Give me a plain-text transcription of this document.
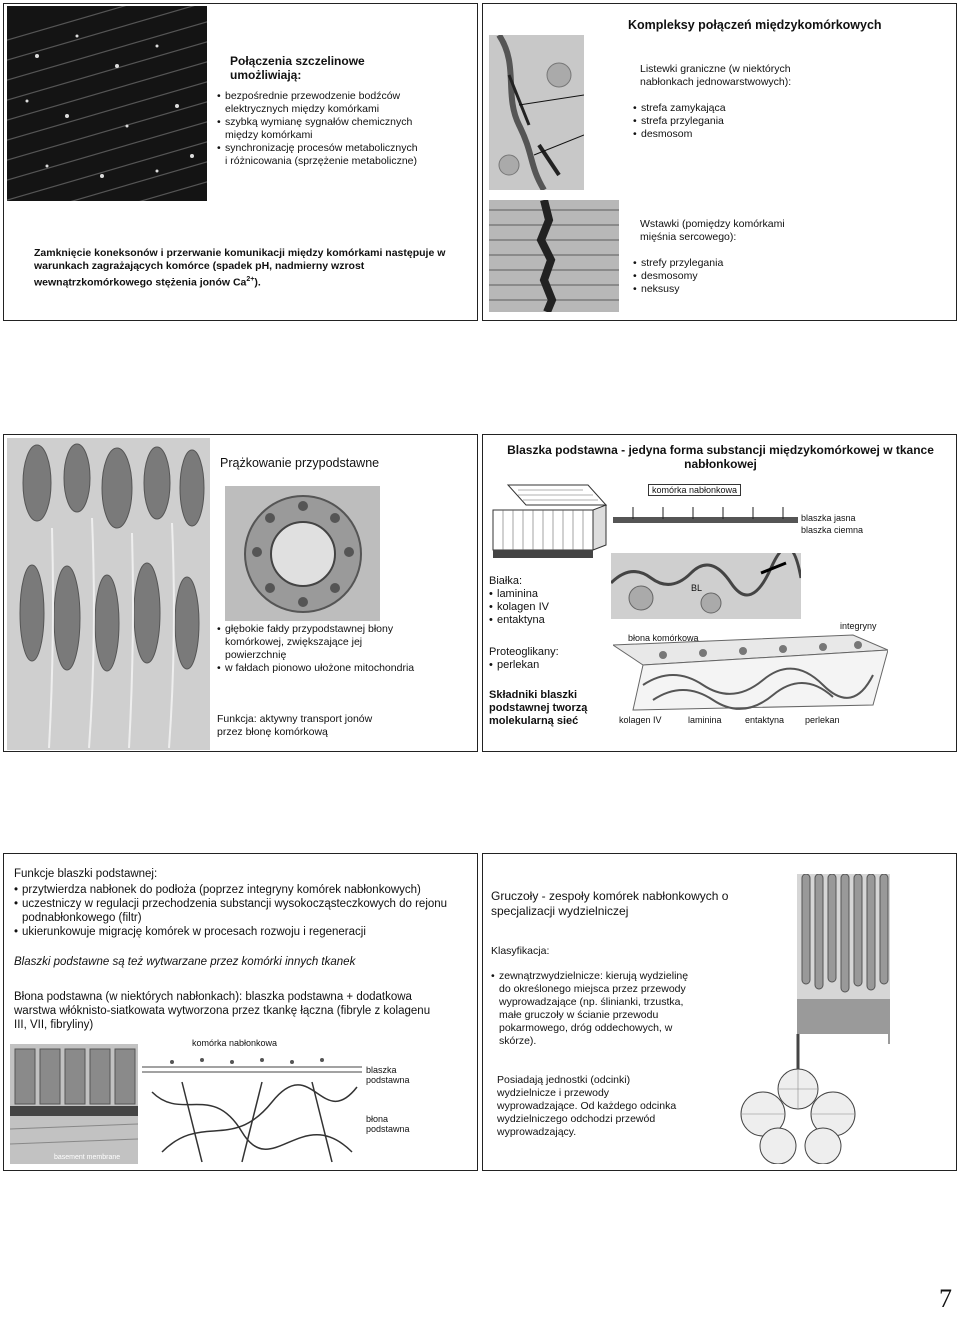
Połączenia szczelinowe umożliwiają:
• bezpośrednie przewodzenie bodźców elektrycznych między komórkami
• szybką wymianę sygnałów chemicznych między komórkami
• synchronizację procesów metabolicznych i różnicowania (sprzężenie metaboliczne)
Zamknięcie koneksonów i przerwanie komunikacji między komórkami następuje w warunkach zagrażających komórce (spadek pH, nadmierny wzrost wewnątrzkomórkowego stężenia jonów $Ca^{2+}$).
Kompleksy połączeń międzykomórkowych
Listewki graniczne (w niektórych nabłonkach jednowarstwowych):
• strefa zamykająca
• strefa przylegania
• desmosom
Wstawki (pomiędzy komórkami mięśnia sercowego):
• strefy przylegania
• desmosomy
• neksusy
Prążkowanie przypodstawne
• głębokie fałdy przypodstawnej błony komórkowej, zwiększające jej powierzchnię
• w fałdach pionowo ułożone mitochondria
Funkcja: aktywny transport jonów przez błonę komórkową
Blaszka podstawna - jedyna forma substancji międzykomórkowej w tkance nabłonkowej
komórka nabłonkowa
blaszka jasna
blaszka ciemna
BL
Białka:
• laminina
• kolagen IV
• entaktyna
Proteoglikany:
• perlekan
Składniki blaszki podstawnej tworzą molekularną sieć
błona komórkowa
integryny
kolagen IV	laminina	entaktyna perlekan
Funkcje blaszki podstawnej:
• przytwierdza nabłonek do podłoża (poprzez integryny komórek nabłonkowych)
• uczestniczy w regulacji przechodzenia substancji wysokocząsteczkowych do rejonu podnabłonkowego (filtr)
• ukierunkowuje migrację komórek w procesach rozwoju i regeneracji
Blaszki podstawne są też wytwarzane przez komórki innych tkanek
Błona podstawna (w niektórych nabłonkach): blaszka podstawna + dodatkowa warstwa włóknisto-siatkowata wytworzona przez tkankę łączna (fibryle z kolagenu III, VII, fibryliny)
basement membrane
komórka nabłonkowa
blaszka podstawna
błona podstawna
Gruczoły - zespoły komórek nabłonkowych o specjalizacji wydzielniczej
Klasyfikacja:
• zewnątrzwydzielnicze: kierują wydzielinę do określonego miejsca przez przewody wyprowadzające (np. ślinianki, trzustka, małe gruczoły w ścianie przewodu pokarmowego, dróg oddechowych, w skórze).
Posiadają jednostki (odcinki) wydzielnicze i przewody wyprowadzające. Od każdego odcinka wydzielniczego odchodzi przewód wyprowadzający.
7
